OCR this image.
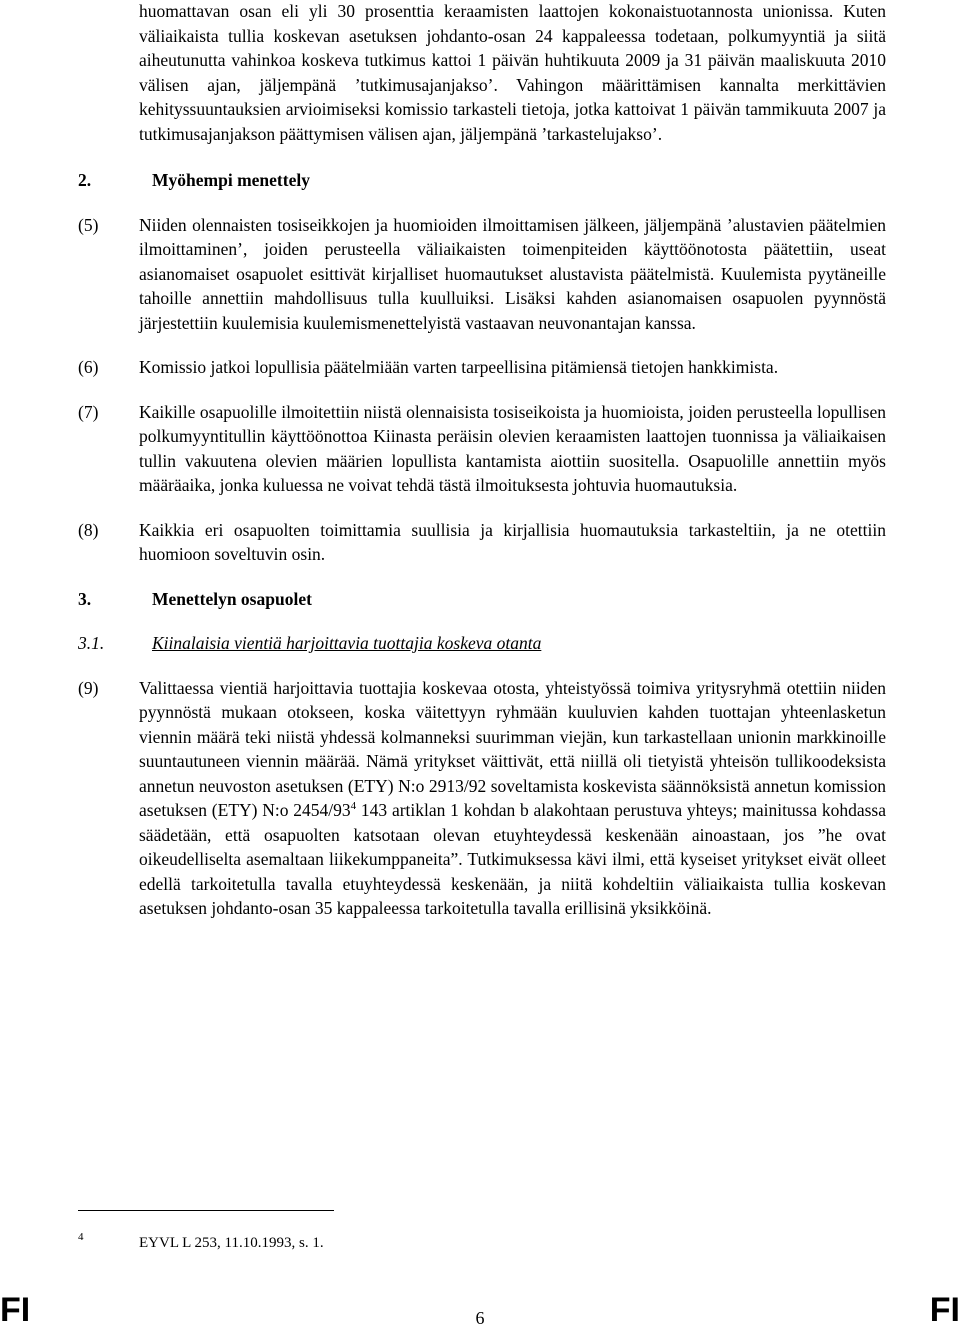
huomattavan osan eli yli 30 prosenttia keraamisten laattojen kokonaistuotannosta unionissa. Kuten väliaikaista tullia koskevan asetuksen johdanto-osan 24 kappaleessa todetaan, polkumyyntiä ja siitä aiheutunutta vahinkoa koskeva tutkimus kattoi 1 päivän huhtikuuta 2009 ja 31 päivän maaliskuuta 2010 välisen ajan, jäljempänä ’tutkimusajanjakso’. Vahingon määrittämisen kannalta merkittävien kehityssuuntauksien arvioimiseksi komissio tarkasteli tietoja, jotka kattoivat 1 päivän tammikuuta 2007 ja tutkimusajanjakson päättymisen välisen ajan, jäljempänä ’tarkastelujakso’.

2.	Myöhempi menettely
(5) Niiden olennaisten tosiseikkojen ja huomioiden ilmoittamisen jälkeen, jäljempänä ’alustavien päätelmien ilmoittaminen’, joiden perusteella väliaikaisten toimenpiteiden käyttöönotosta päätettiin, useat asianomaiset osapuolet esittivät kirjalliset huomautukset alustavista päätelmistä. Kuulemista pyytäneille tahoille annettiin mahdollisuus tulla kuulluiksi. Lisäksi kahden asianomaisen osapuolen pyynnöstä järjestettiin kuulemisia kuulemismenettelyistä vastaavan neuvonantajan kanssa.
(6) Komissio jatkoi lopullisia päätelmiään varten tarpeellisina pitämiensä tietojen hankkimista.
(7) Kaikille osapuolille ilmoitettiin niistä olennaisista tosiseikoista ja huomioista, joiden perusteella lopullisen polkumyyntitullin käyttöönottoa Kiinasta peräisin olevien keraamisten laattojen tuonnissa ja väliaikaisen tullin vakuutena olevien määrien lopullista kantamista aiottiin suositella. Osapuolille annettiin myös määräaika, jonka kuluessa ne voivat tehdä tästä ilmoituksesta johtuvia huomautuksia.
(8) Kaikkia eri osapuolten toimittamia suullisia ja kirjallisia huomautuksia tarkasteltiin, ja ne otettiin huomioon soveltuvin osin.
3.	Menettelyn osapuolet
3.1.	Kiinalaisia vientiä harjoittavia tuottajia koskeva otanta
(9) Valittaessa vientiä harjoittavia tuottajia koskevaa otosta, yhteistyössä toimiva yritysryhmä otettiin niiden pyynnöstä mukaan otokseen, koska väitettyyn ryhmään kuuluvien kahden tuottajan yhteenlasketun viennin määrä teki niistä yhdessä kolmanneksi suurimman viejän, kun tarkastellaan unionin markkinoille suuntautuneen viennin määrää. Nämä yritykset väittivät, että niillä oli tietyistä yhteisön tullikoodeksista annetun neuvoston asetuksen (ETY) N:o 2913/92 soveltamista koskevista säännöksistä annetun komission asetuksen (ETY) N:o $2454/93^4$ 143 artiklan 1 kohdan b alakohtaan perustuva yhteys; mainitussa kohdassa säädetään, että osapuolten katsotaan olevan etuyhteydessä keskenään ainoastaan, jos ”he ovat oikeudelliselta asemaltaan liikekumppaneita”. Tutkimuksessa kävi ilmi, että kyseiset yritykset eivät olleet edellä tarkoitetulla tavalla etuyhteydessä keskenään, ja niitä kohdeltiin väliaikaista tullia koskevan asetuksen johdanto-osan 35 kappaleessa tarkoitetulla tavalla erillisinä yksikköinä.
4	EYVL L 253, 11.10.1993, s. 1.
FI	6	FI
